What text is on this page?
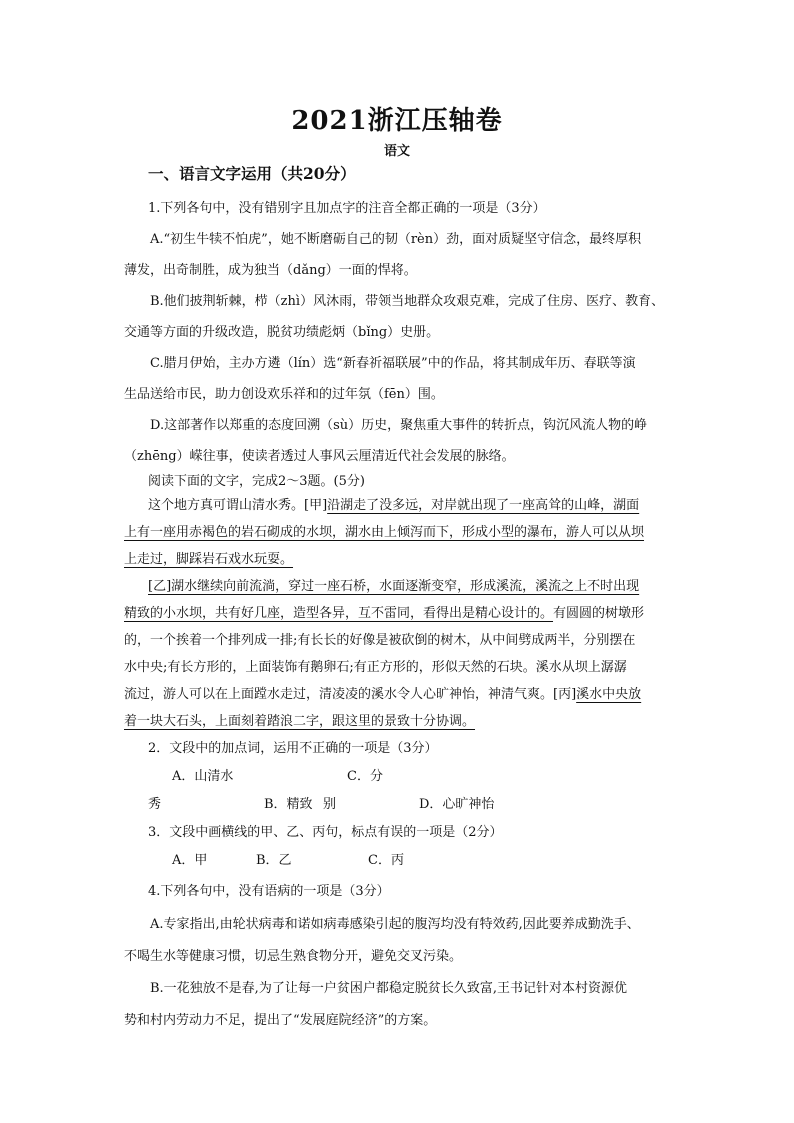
2021浙江压轴卷
语文
一、语言文字运用（共20分）

1.下列各句中，没有错别字且加点字的注音全都正确的一项是（3分）

A.“初生牛犊不怕虎”，她不断磨砺自己的韧（rèn）劲，面对质疑坚守信念，最终厚积

薄发，出奇制胜，成为独当（dǎng）一面的悍将。

B.他们披荆斩棘，栉（zhì）风沐雨，带领当地群众攻艰克难，完成了住房、医疗、教育、

交通等方面的升级改造，脱贫功绩彪炳（bǐng）史册。

C.腊月伊始，主办方遴（lín）选“新春祈福联展”中的作品，将其制成年历、春联等演

生品送给市民，助力创设欢乐祥和的过年氛（fēn）围。

D.这部著作以郑重的态度回溯（sù）历史，聚焦重大事件的转折点，钩沉风流人物的峥

（zhēng）嵘往事，使读者透过人事风云厘清近代社会发展的脉络。

阅读下面的文字，完成2～3题。(5分)

这个地方真可谓山清水秀。[甲]沿湖走了没多远，对岸就出现了一座高耸的山峰，湖面

上有一座用赤褐色的岩石砌成的水坝，湖水由上倾泻而下，形成小型的瀑布，游人可以从坝

上走过，脚踩岩石戏水玩耍。

[乙]湖水继续向前流淌，穿过一座石桥，水面逐渐变窄，形成溪流，溪流之上不时出现

精致的小水坝，共有好几座，造型各异，互不雷同，看得出是精心设计的。有圆圆的树墩形

的，一个挨着一个排列成一排;有长长的好像是被砍倒的树木，从中间劈成两半，分别摆在

水中央;有长方形的，上面装饰有鹅卵石;有正方形的，形似天然的石块。溪水从坝上潺潺

流过，游人可以在上面蹚水走过，清凌凌的溪水令人心旷神怡，神清气爽。[丙]溪水中央放

着一块大石头，上面刻着踏浪二字，跟这里的景致十分协调。

2．文段中的加点词，运用不正确的一项是（3分）

A．山清水秀	B．精致C．分别	D．心旷神怡

3．文段中画横线的甲、乙、丙句，标点有误的一项是（2分）

A．甲	B．乙	C．丙

4.下列各句中，没有语病的一项是（3分）

A.专家指出,由轮状病毒和诺如病毒感染引起的腹泻均没有特效药,因此要养成勤洗手、

不喝生水等健康习惯，切忌生熟食物分开，避免交叉污染。

B.一花独放不是春,为了让每一户贫困户都稳定脱贫长久致富,王书记针对本村资源优

势和村内劳动力不足，提出了“发展庭院经济”的方案。
